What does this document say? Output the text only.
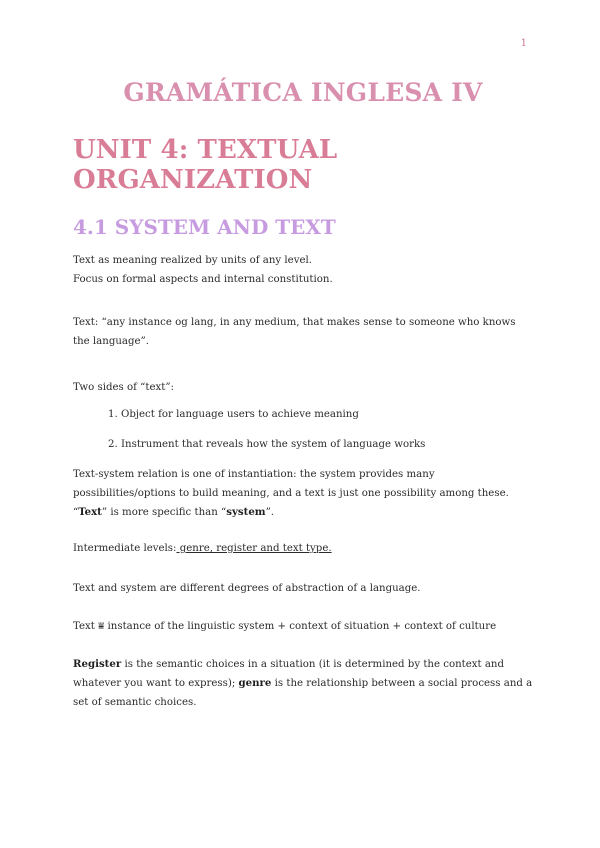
1
GRAMÁTICA INGLESA IV
UNIT 4: TEXTUAL ORGANIZATION
4.1 SYSTEM AND TEXT

Text as meaning realized by units of any level.

Focus on formal aspects and internal constitution.

Text: “any instance og lang, in any medium, that makes sense to someone who knows the language”.

Two sides of “text”:

1. Object for language users to achieve meaning
2. Instrument that reveals how the system of language works

Text-system relation is one of instantiation: the system provides many possibilities/options to build meaning, and a text is just one possibility among these.

“Text” is more specific than “system”.

Intermediate levels: genre, register and text type.

Text and system are different degrees of abstraction of a language.

Text ⩸ instance of the linguistic system + context of situation + context of culture

Register is the semantic choices in a situation (it is determined by the context and whatever you want to express); genre is the relationship between a social process and a set of semantic choices.
